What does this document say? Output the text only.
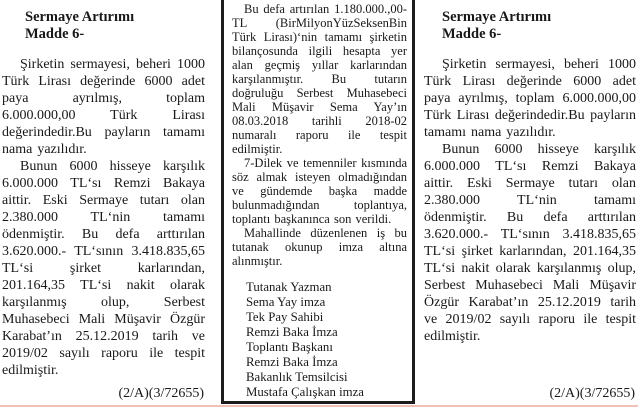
Sermaye Artırımı
Madde 6-

Şirketin sermayesi, beheri 1000 Türk Lirası değerinde 6000 adet paya ayrılmış, toplam 6.000.000,00 Türk Lirası değerindedir.Bu payların tamamı nama yazılıdır.

Bunun 6000 hisseye karşılık 6.000.000 TL‘sı Remzi Bakaya aittir. Eski Sermaye tutarı olan 2.380.000 TL‘nin tamamı ödenmiştir. Bu defa arttırılan 3.620.000.- TL‘sının 3.418.835,65 TL‘si şirket karlarından, 201.164,35 TL‘si nakit olarak karşılanmış olup, Serbest Muhasebeci Mali Müşavir Özgür Karabat’ın 25.12.2019 tarih ve 2019/02 sayılı raporu ile tespit edilmiştir.

(2/A)(3/72655)

Bu defa artırılan 1.180.000.,00- TL (BirMilyonYüzSeksenBin Türk Lirası)‘nin tamamı şirketin bilançosunda ilgili hesapta yer alan geçmiş yıllar karlarından karşılanmıştır. Bu tutarın doğruluğu Serbest Muhasebeci Mali Müşavir Sema Yay’ın 08.03.2018 tarihli 2018-02 numaralı raporu ile tespit edilmiştir.

7-Dilek ve temenniler kısmında söz almak isteyen olmadığından ve gündemde başka madde bulunmadığından toplantıya, toplantı başkanınca son verildi.

Mahallinde düzenlenen iş bu tutanak okunup imza altına alınmıştır.

Tutanak Yazman
Sema Yay imza
Tek Pay Sahibi
Remzi Baka İmza
Toplantı Başkanı
Remzi Baka İmza
Bakanlık Temsilcisi
Mustafa Çalışkan imza
Sermaye Artırımı
Madde 6-

Şirketin sermayesi, beheri 1000 Türk Lirası değerinde 6000 adet paya ayrılmış, toplam 6.000.000,00 Türk Lirası değerindedir.Bu payların tamamı nama yazılıdır.

Bunun 6000 hisseye karşılık 6.000.000 TL‘sı Remzi Bakaya aittir. Eski Sermaye tutarı olan 2.380.000 TL‘nin tamamı ödenmiştir. Bu defa arttırılan 3.620.000.- TL‘sının 3.418.835,65 TL‘si şirket karlarından, 201.164,35 TL‘si nakit olarak karşılanmış olup, Serbest Muhasebeci Mali Müşavir Özgür Karabat’ın 25.12.2019 tarih ve 2019/02 sayılı raporu ile tespit edilmiştir.

(2/A)(3/72655)
